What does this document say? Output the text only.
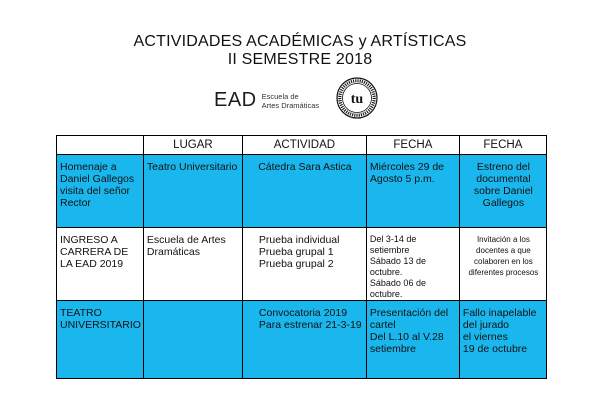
ACTIVIDADES ACADÉMICAS y ARTÍSTICAS
II SEMESTRE 2018
EAD Escuela de
Artes Dramáticas tu
	LUGAR	ACTIVIDAD	FECHA	FECHA

Homenaje a
Daniel Gallegos
visita del señor
Rector	Teatro Universitario	Cátedra Sara Astica	Miércoles 29 de
Agosto 5 p.m.	Estreno del
documental
sobre Daniel
Gallegos

INGRESO A
CARRERA DE
LA EAD 2019	Escuela de Artes
Dramáticas	Prueba individual
Prueba grupal 1
Prueba grupal 2	Del 3-14 de setiembre
Sábado 13 de octubre.
Sábado 06 de octubre.	Invitación a los
docentes a que
colaboren en los
diferentes procesos

TEATRO
UNIVERSITARIO		Convocatoria 2019
Para estrenar 21-3-19	Presentación del
cartel
Del L.10 al V.28
setiembre	Fallo inapelable
del jurado
el viernes
19 de octubre
